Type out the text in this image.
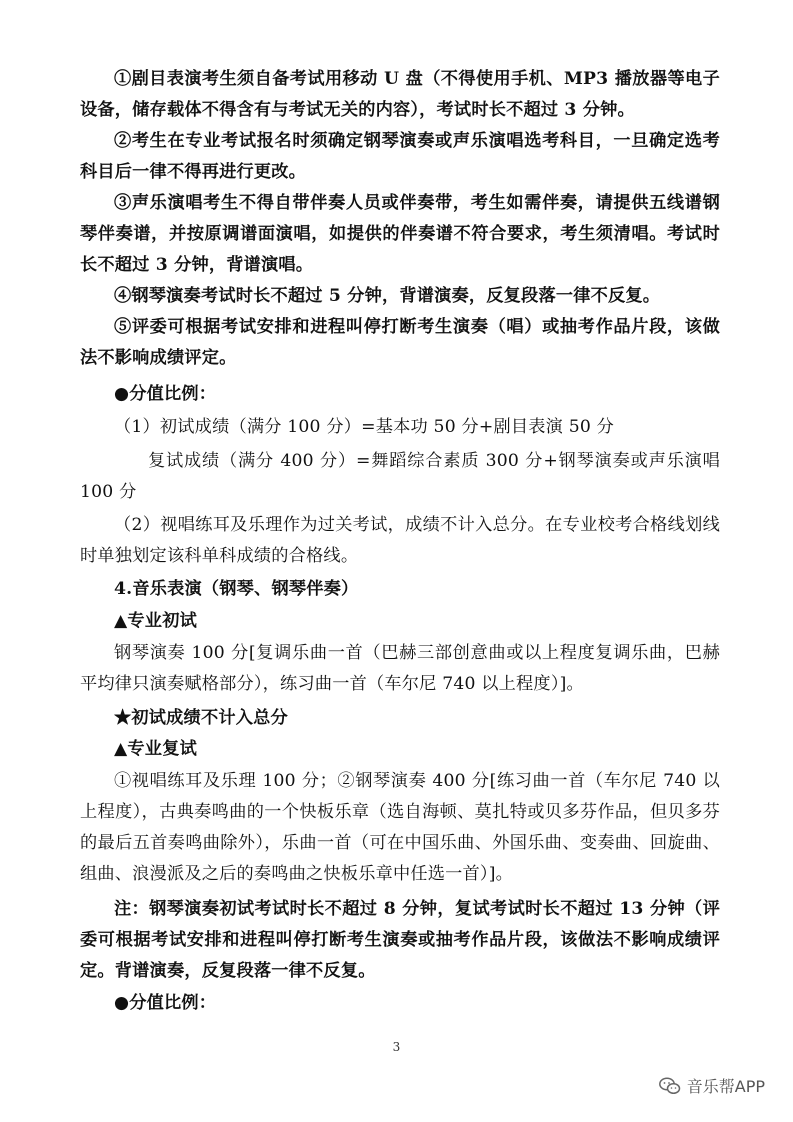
①剧目表演考生须自备考试用移动 U 盘（不得使用手机、MP3 播放器等电子设备，储存载体不得含有与考试无关的内容），考试时长不超过 3 分钟。

②考生在专业考试报名时须确定钢琴演奏或声乐演唱选考科目，一旦确定选考科目后一律不得再进行更改。

③声乐演唱考生不得自带伴奏人员或伴奏带，考生如需伴奏，请提供五线谱钢琴伴奏谱，并按原调谱面演唱，如提供的伴奏谱不符合要求，考生须清唱。考试时长不超过 3 分钟，背谱演唱。

④钢琴演奏考试时长不超过 5 分钟，背谱演奏，反复段落一律不反复。

⑤评委可根据考试安排和进程叫停打断考生演奏（唱）或抽考作品片段，该做法不影响成绩评定。

●分值比例：

（1）初试成绩（满分 100 分）=基本功 50 分+剧目表演 50 分

复试成绩（满分 400 分）=舞蹈综合素质 300 分+钢琴演奏或声乐演唱 100 分

（2）视唱练耳及乐理作为过关考试，成绩不计入总分。在专业校考合格线划线时单独划定该科单科成绩的合格线。

4.音乐表演（钢琴、钢琴伴奏）

▲专业初试

钢琴演奏 100 分[复调乐曲一首（巴赫三部创意曲或以上程度复调乐曲，巴赫平均律只演奏赋格部分），练习曲一首（车尔尼 740 以上程度）]。

★初试成绩不计入总分

▲专业复试

①视唱练耳及乐理 100 分；②钢琴演奏 400 分[练习曲一首（车尔尼 740 以上程度），古典奏鸣曲的一个快板乐章（选自海顿、莫扎特或贝多芬作品，但贝多芬的最后五首奏鸣曲除外），乐曲一首（可在中国乐曲、外国乐曲、变奏曲、回旋曲、组曲、浪漫派及之后的奏鸣曲之快板乐章中任选一首）]。

注：钢琴演奏初试考试时长不超过 8 分钟，复试考试时长不超过 13 分钟（评委可根据考试安排和进程叫停打断考生演奏或抽考作品片段，该做法不影响成绩评定。背谱演奏，反复段落一律不反复。

●分值比例：

3
音乐帮APP
